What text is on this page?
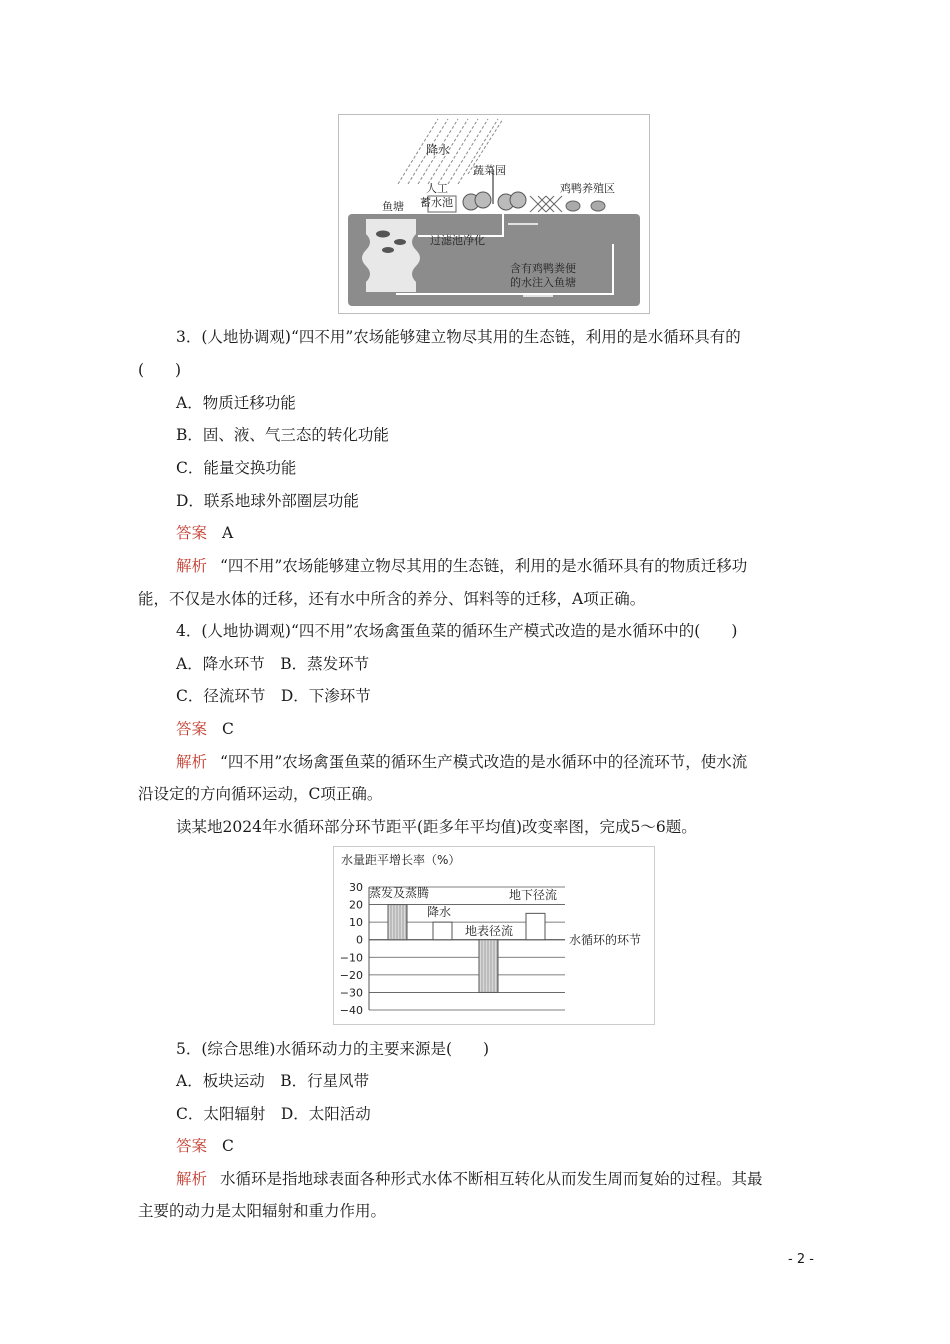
降水
蔬菜园
人工
蓄水池
鱼塘
鸡鸭养殖区
过滤池净化
含有鸡鸭粪便
的水注入鱼塘
3．(人地协调观)“四不用”农场能够建立物尽其用的生态链，利用的是水循环具有的
(　　)
A．物质迁移功能
B．固、液、气三态的转化功能
C．能量交换功能
D．联系地球外部圈层功能
答案 A
解析 “四不用”农场能够建立物尽其用的生态链，利用的是水循环具有的物质迁移功
能，不仅是水体的迁移，还有水中所含的养分、饵料等的迁移，A项正确。
4．(人地协调观)“四不用”农场禽蛋鱼菜的循环生产模式改造的是水循环中的(　　)
A．降水环节　B．蒸发环节
C．径流环节　D．下渗环节
答案 C
解析 “四不用”农场禽蛋鱼菜的循环生产模式改造的是水循环中的径流环节，使水流
沿设定的方向循环运动，C项正确。
读某地2024年水循环部分环节距平(距多年平均值)改变率图，完成5～6题。
水量距平增长率（%）
30
20
10
0
−10
−20
−30
−40
蒸发及蒸腾
降水
地表径流
地下径流
水循环的环节
5．(综合思维)水循环动力的主要来源是(　　)
A．板块运动　B．行星风带
C．太阳辐射　D．太阳活动
答案 C
解析 水循环是指地球表面各种形式水体不断相互转化从而发生周而复始的过程。其最
主要的动力是太阳辐射和重力作用。
- 2 -
